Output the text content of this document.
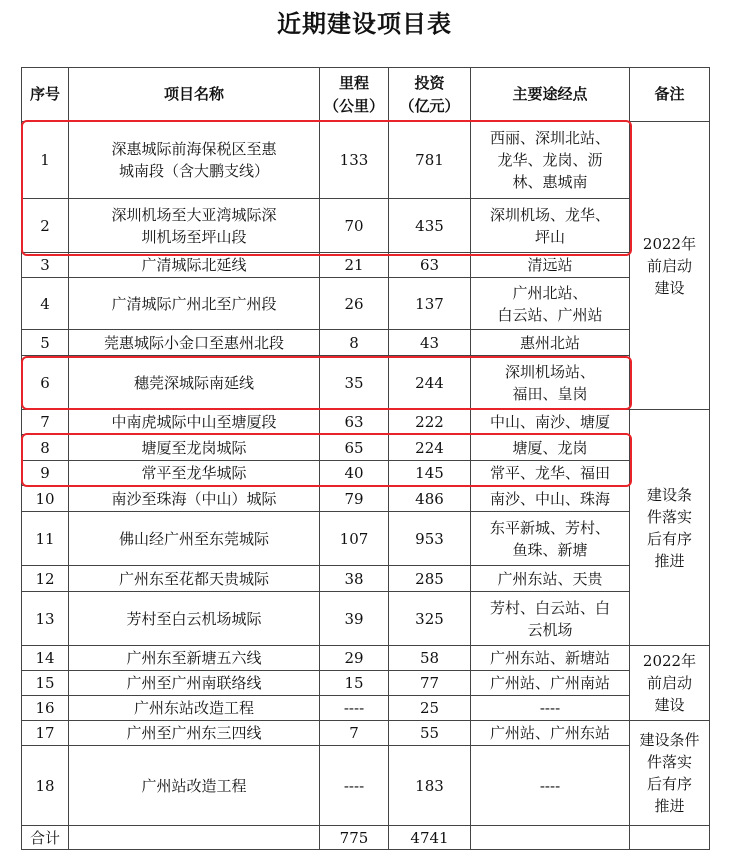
近期建设项目表
序号	项目名称	里程
（公里）	投资
（亿元）	主要途经点	备注
1	深惠城际前海保税区至惠
城南段（含大鹏支线）	133	781	西丽、深圳北站、
龙华、龙岗、沥
林、惠城南	2022年
前启动
建设
2	深圳机场至大亚湾城际深
圳机场至坪山段	70	435	深圳机场、龙华、
坪山	
3	广清城际北延线	21	63	清远站	
4	广清城际广州北至广州段	26	137	广州北站、
白云站、广州站	
5	莞惠城际小金口至惠州北段	8	43	惠州北站	
6	穗莞深城际南延线	35	244	深圳机场站、
福田、皇岗	
7	中南虎城际中山至塘厦段	63	222	中山、南沙、塘厦	建设条
件落实
后有序
推进
8	塘厦至龙岗城际	65	224	塘厦、龙岗	
9	常平至龙华城际	40	145	常平、龙华、福田	
10	南沙至珠海（中山）城际	79	486	南沙、中山、珠海	
11	佛山经广州至东莞城际	107	953	东平新城、芳村、
鱼珠、新塘	
12	广州东至花都天贵城际	38	285	广州东站、天贵	
13	芳村至白云机场城际	39	325	芳村、白云站、白
云机场	
14	广州东至新塘五六线	29	58	广州东站、新塘站	2022年
前启动
建设
15	广州至广州南联络线	15	77	广州站、广州南站	
16	广州东站改造工程	----	25	----	
17	广州至广州东三四线	7	55	广州站、广州东站	建设条件
件落实
后有序
推进
18	广州站改造工程	----	183	----	
合计		775	4741		
